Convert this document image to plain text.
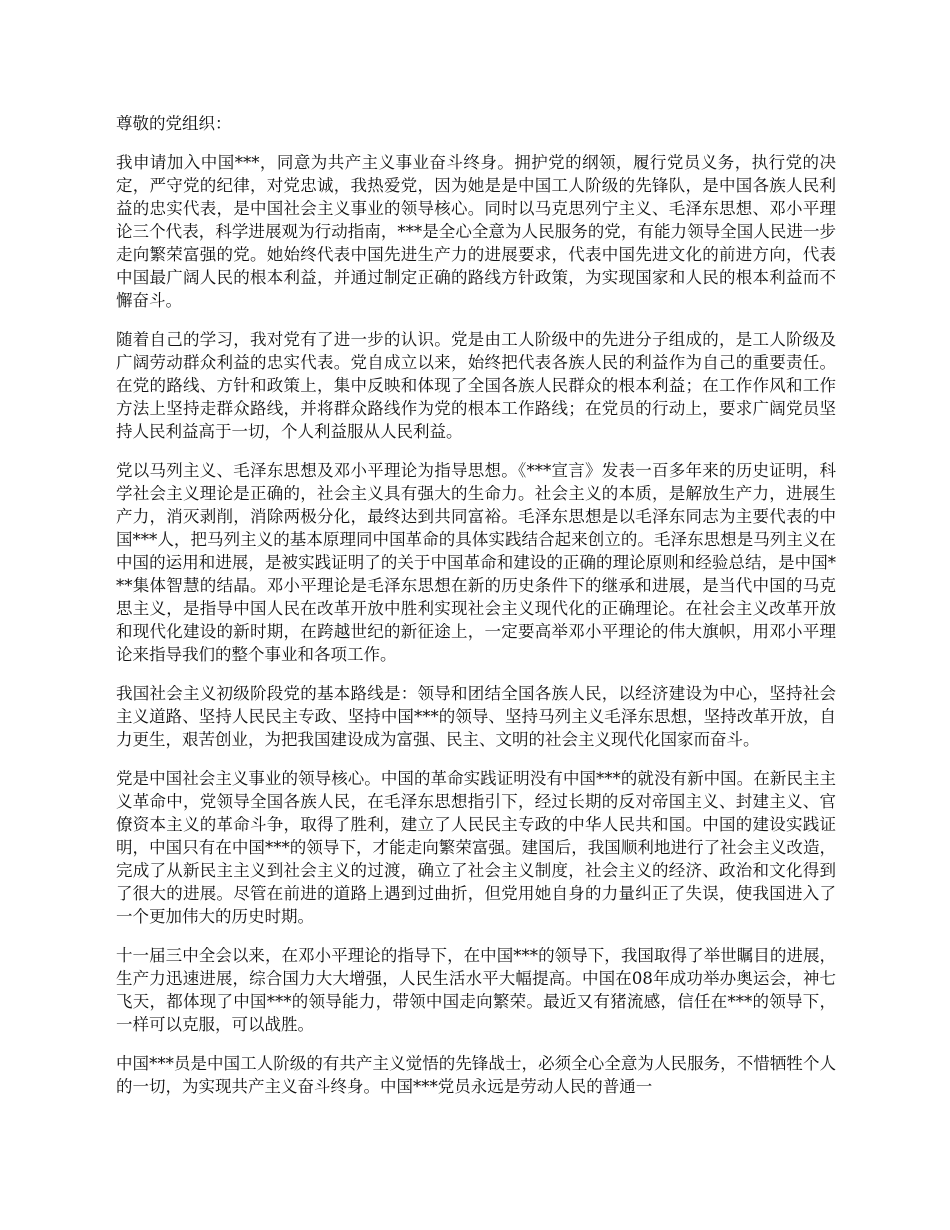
尊敬的党组织：

我申请加入中国***，同意为共产主义事业奋斗终身。拥护党的纲领，履行党员义务，执行党的决定，严守党的纪律，对党忠诚，我热爱党，因为她是是中国工人阶级的先锋队，是中国各族人民利益的忠实代表，是中国社会主义事业的领导核心。同时以马克思列宁主义、毛泽东思想、邓小平理论三个代表，科学进展观为行动指南，***是全心全意为人民服务的党，有能力领导全国人民进一步走向繁荣富强的党。她始终代表中国先进生产力的进展要求，代表中国先进文化的前进方向，代表中国最广阔人民的根本利益，并通过制定正确的路线方针政策，为实现国家和人民的根本利益而不懈奋斗。

随着自己的学习，我对党有了进一步的认识。党是由工人阶级中的先进分子组成的，是工人阶级及广阔劳动群众利益的忠实代表。党自成立以来，始终把代表各族人民的利益作为自己的重要责任。在党的路线、方针和政策上，集中反映和体现了全国各族人民群众的根本利益；在工作作风和工作方法上坚持走群众路线，并将群众路线作为党的根本工作路线；在党员的行动上，要求广阔党员坚持人民利益高于一切，个人利益服从人民利益。

党以马列主义、毛泽东思想及邓小平理论为指导思想。《***宣言》发表一百多年来的历史证明，科学社会主义理论是正确的，社会主义具有强大的生命力。社会主义的本质，是解放生产力，进展生产力，消灭剥削，消除两极分化，最终达到共同富裕。毛泽东思想是以毛泽东同志为主要代表的中国***人，把马列主义的基本原理同中国革命的具体实践结合起来创立的。毛泽东思想是马列主义在中国的运用和进展，是被实践证明了的关于中国革命和建设的正确的理论原则和经验总结，是中国***集体智慧的结晶。邓小平理论是毛泽东思想在新的历史条件下的继承和进展，是当代中国的马克思主义，是指导中国人民在改革开放中胜利实现社会主义现代化的正确理论。在社会主义改革开放和现代化建设的新时期，在跨越世纪的新征途上，一定要高举邓小平理论的伟大旗帜，用邓小平理论来指导我们的整个事业和各项工作。

我国社会主义初级阶段党的基本路线是：领导和团结全国各族人民，以经济建设为中心，坚持社会主义道路、坚持人民民主专政、坚持中国***的领导、坚持马列主义毛泽东思想，坚持改革开放，自力更生，艰苦创业，为把我国建设成为富强、民主、文明的社会主义现代化国家而奋斗。

党是中国社会主义事业的领导核心。中国的革命实践证明没有中国***的就没有新中国。在新民主主义革命中，党领导全国各族人民，在毛泽东思想指引下，经过长期的反对帝国主义、封建主义、官僚资本主义的革命斗争，取得了胜利，建立了人民民主专政的中华人民共和国。中国的建设实践证明，中国只有在中国***的领导下，才能走向繁荣富强。建国后，我国顺利地进行了社会主义改造，完成了从新民主主义到社会主义的过渡，确立了社会主义制度，社会主义的经济、政治和文化得到了很大的进展。尽管在前进的道路上遇到过曲折，但党用她自身的力量纠正了失误，使我国进入了一个更加伟大的历史时期。

十一届三中全会以来，在邓小平理论的指导下，在中国***的领导下，我国取得了举世瞩目的进展，生产力迅速进展，综合国力大大增强，人民生活水平大幅提高。中国在08年成功举办奥运会，神七飞天，都体现了中国***的领导能力，带领中国走向繁荣。最近又有猪流感，信任在***的领导下，一样可以克服，可以战胜。

中国***员是中国工人阶级的有共产主义觉悟的先锋战士，必须全心全意为人民服务，不惜牺牲个人的一切，为实现共产主义奋斗终身。中国***党员永远是劳动人民的普通一
